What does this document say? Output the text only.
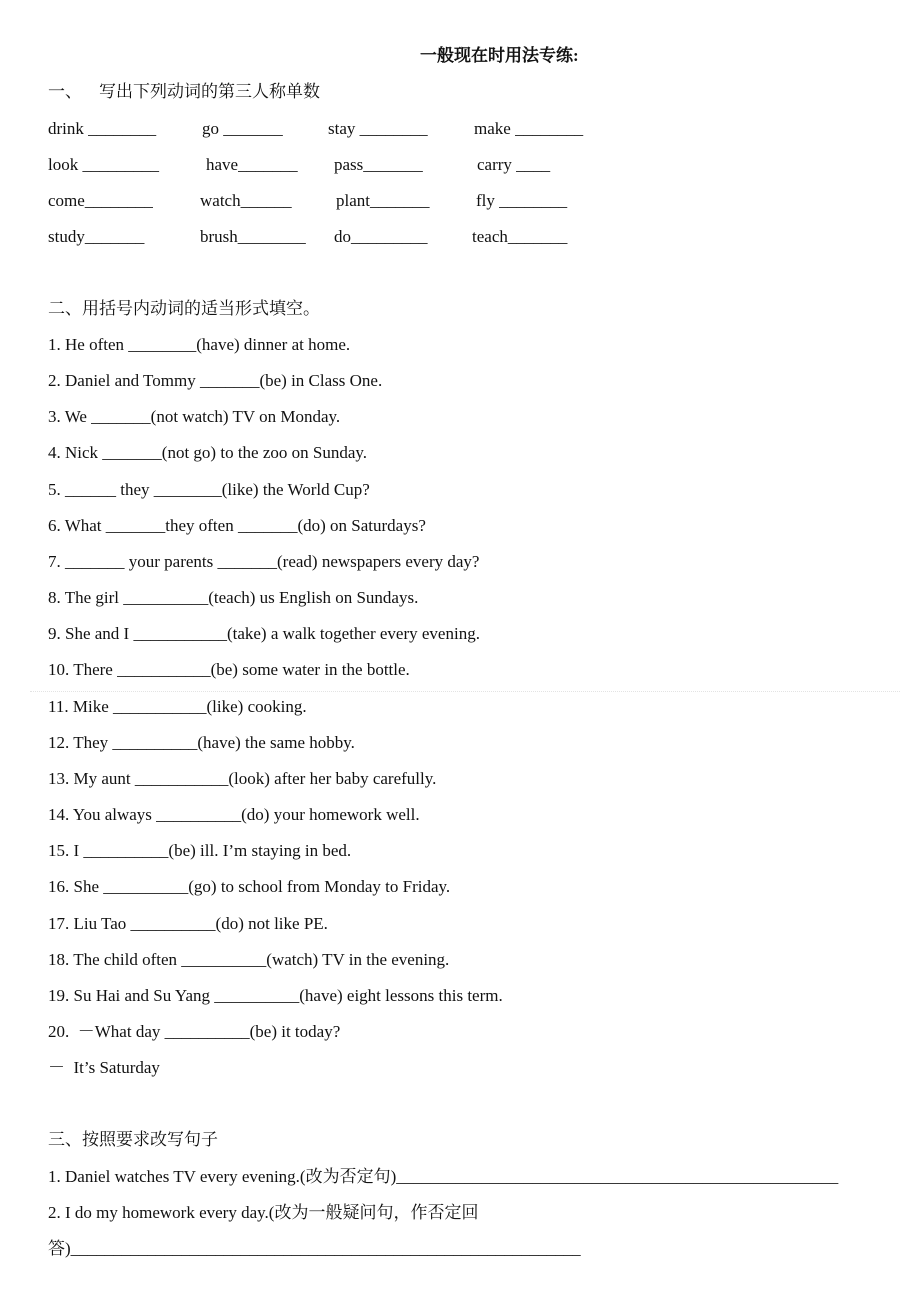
一般现在时用法专练:
一、    写出下列动词的第三人称单数
drink ________	go _______	stay ________	make ________
look _________	have_______ pass_______	carry ____
come________	watch______	plant_______	fly ________
study_______	brush________ do_________	teach_______
二、用括号内动词的适当形式填空。
1. He often ________(have) dinner at home.
2. Daniel and Tommy _______(be) in Class One.
3. We _______(not watch) TV on Monday.
4. Nick _______(not go) to the zoo on Sunday.
5. ______ they ________(like) the World Cup?
6. What _______they often _______(do) on Saturdays?
7. _______ your parents _______(read) newspapers every day?
8. The girl __________(teach) us English on Sundays.
9. She and I ___________(take) a walk together every evening.
10. There ___________(be) some water in the bottle.
11. Mike ___________(like) cooking.
12. They __________(have) the same hobby.
13. My aunt ___________(look) after her baby carefully.
14. You always __________(do) your homework well.
15. I __________(be) ill. I’m staying in bed.
16. She __________(go) to school from Monday to Friday.
17. Liu Tao __________(do) not like PE.
18. The child often __________(watch) TV in the evening.
19. Su Hai and Su Yang __________(have) eight lessons this term.
20.  －What day __________(be) it today?
－  It’s Saturday
三、按照要求改写句子
1. Daniel watches TV every evening.(改为否定句)____________________________________________________
2. I do my homework every day.(改为一般疑问句，作否定回
答)____________________________________________________________
